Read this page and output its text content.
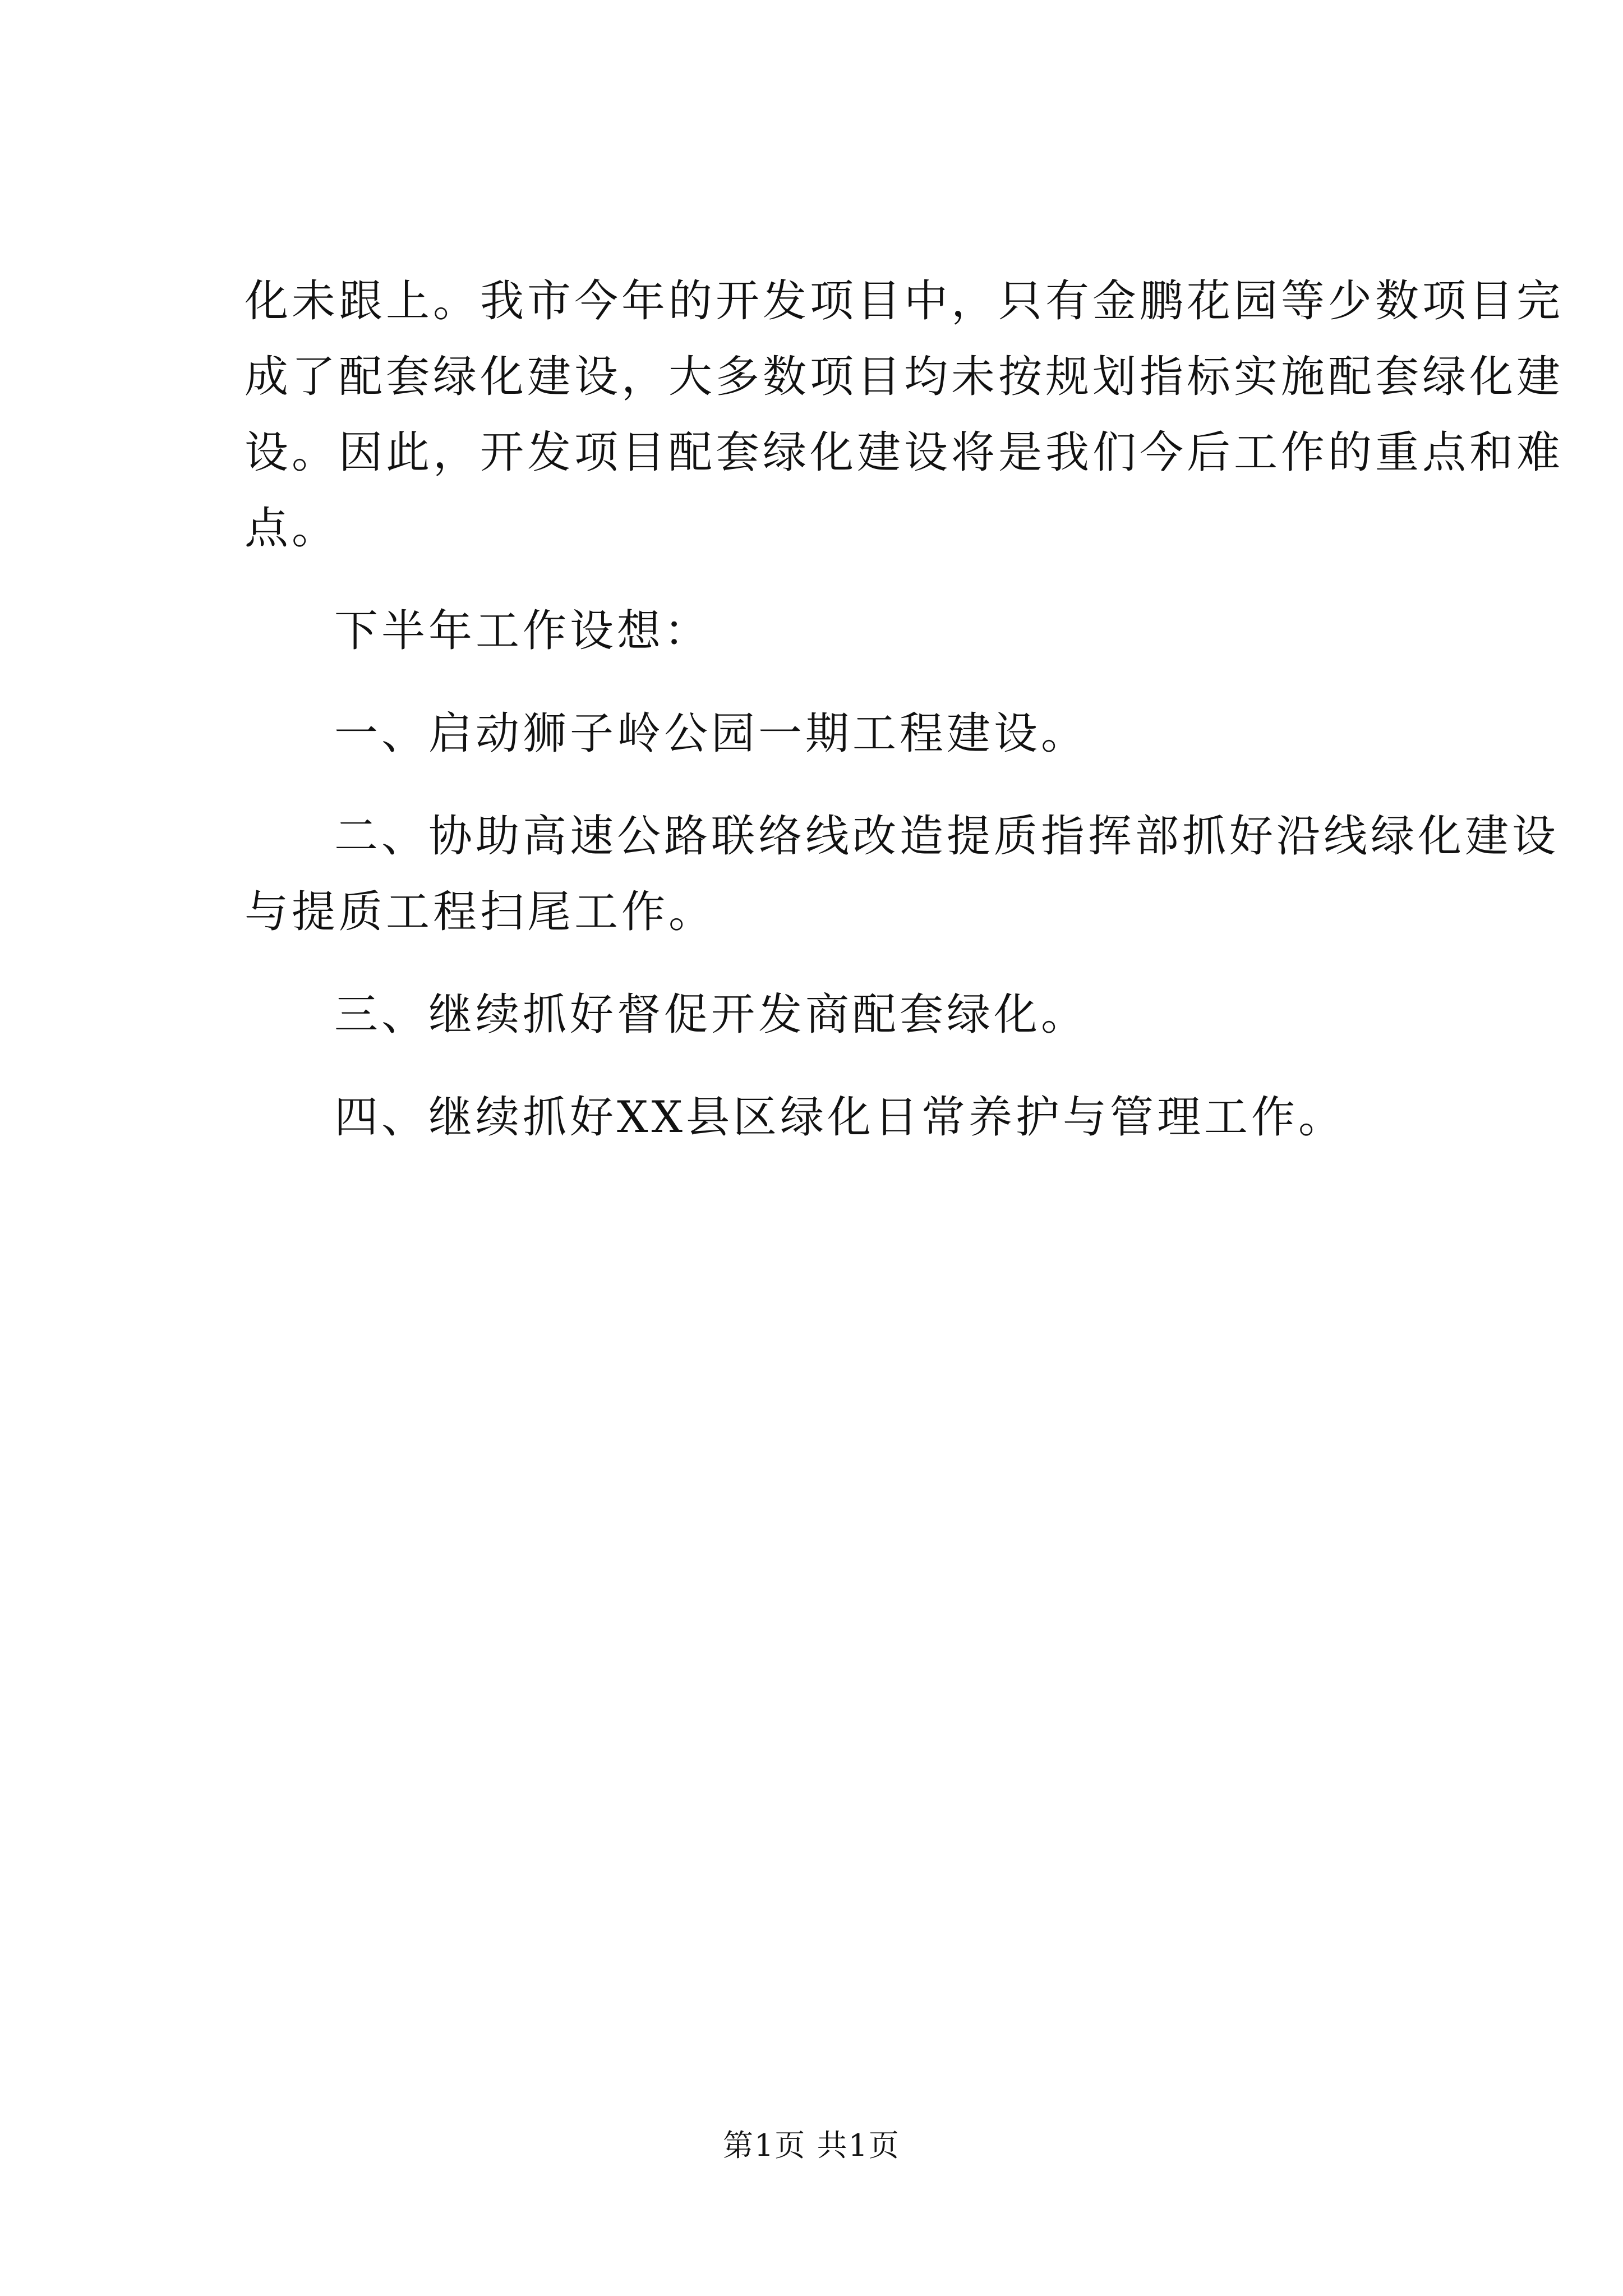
化未跟上。我市今年的开发项目中，只有金鹏花园等少数项目完
成了配套绿化建设，大多数项目均未按规划指标实施配套绿化建
设。因此，开发项目配套绿化建设将是我们今后工作的重点和难
点。
下半年工作设想：
一、启动狮子岭公园一期工程建设。
二、协助高速公路联络线改造提质指挥部抓好沿线绿化建设
与提质工程扫尾工作。
三、继续抓好督促开发商配套绿化。
四、继续抓好XX县区绿化日常养护与管理工作。
第1页 共1页
